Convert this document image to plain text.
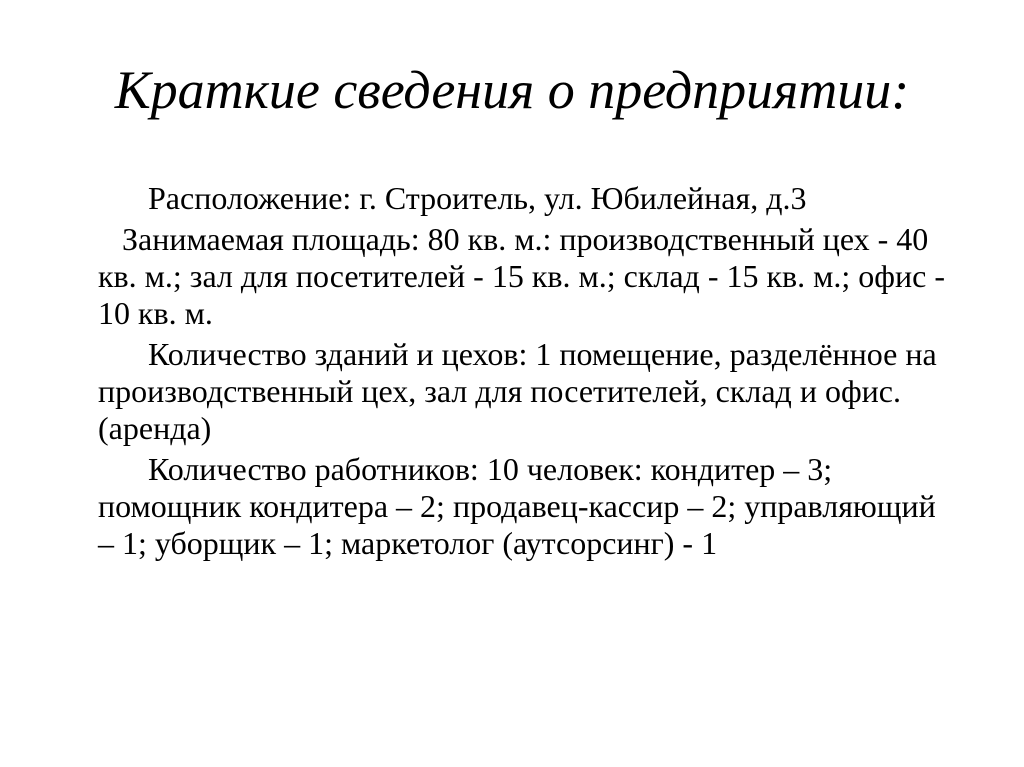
Краткие сведения о предприятии:

Расположение: г. Строитель, ул. Юбилейная, д.3

Занимаемая площадь: 80 кв. м.: производственный цех - 40 кв. м.; зал для посетителей - 15 кв. м.; склад - 15 кв. м.; офис - 10 кв. м.

Количество зданий и цехов: 1 помещение, разделённое на производственный цех, зал для посетителей, склад и офис. (аренда)

Количество работников: 10 человек: кондитер – 3; помощник кондитера – 2; продавец-кассир – 2; управляющий – 1; уборщик – 1; маркетолог (аутсорсинг) - 1
